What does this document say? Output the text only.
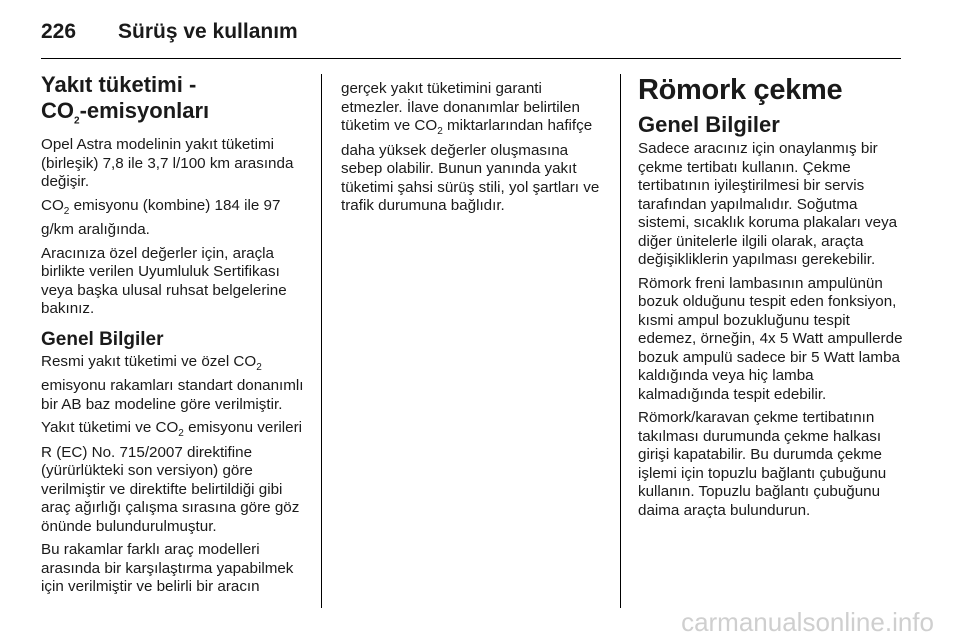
226 Sürüş ve kullanım
Yakıt tüketimi -
$CO_2$-emisyonları

Opel Astra modelinin yakıt tüketimi (birleşik) 7,8 ile 3,7 l/100 km arasında değişir.

$CO_2$ emisyonu (kombine) 184 ile 97 g/km aralığında.

Aracınıza özel değerler için, araçla birlikte verilen Uyumluluk Sertifikası veya başka ulusal ruhsat belgelerine bakınız.

Genel Bilgiler

Resmi yakıt tüketimi ve özel $CO_2$ emisyonu rakamları standart donanımlı bir AB baz modeline göre verilmiştir.

Yakıt tüketimi ve $CO_2$ emisyonu verileri R (EC) No. 715/2007 direktifine (yürürlükteki son versiyon) göre verilmiştir ve direktifte belirtildiği gibi araç ağırlığı çalışma sırasına göre göz önünde bulundurulmuştur.

Bu rakamlar farklı araç modelleri arasında bir karşılaştırma yapabilmek için verilmiştir ve belirli bir aracın

gerçek yakıt tüketimini garanti etmezler. İlave donanımlar belirtilen tüketim ve $CO_2$ miktarlarından hafifçe daha yüksek değerler oluşmasına sebep olabilir. Bunun yanında yakıt tüketimi şahsi sürüş stili, yol şartları ve trafik durumuna bağlıdır.

Römork çekme
Genel Bilgiler

Sadece aracınız için onaylanmış bir çekme tertibatı kullanın. Çekme tertibatının iyileştirilmesi bir servis tarafından yapılmalıdır. Soğutma sistemi, sıcaklık koruma plakaları veya diğer ünitelerle ilgili olarak, araçta değişikliklerin yapılması gerekebilir.

Römork freni lambasının ampulünün bozuk olduğunu tespit eden fonksiyon, kısmi ampul bozukluğunu tespit edemez, örneğin, 4x 5 Watt ampullerde bozuk ampulü sadece bir 5 Watt lamba kaldığında veya hiç lamba kalmadığında tespit edebilir.

Römork/karavan çekme tertibatının takılması durumunda çekme halkası girişi kapatabilir. Bu durumda çekme işlemi için topuzlu bağlantı çubuğunu kullanın. Topuzlu bağlantı çubuğunu daima araçta bulundurun.

carmanualsonline.info
